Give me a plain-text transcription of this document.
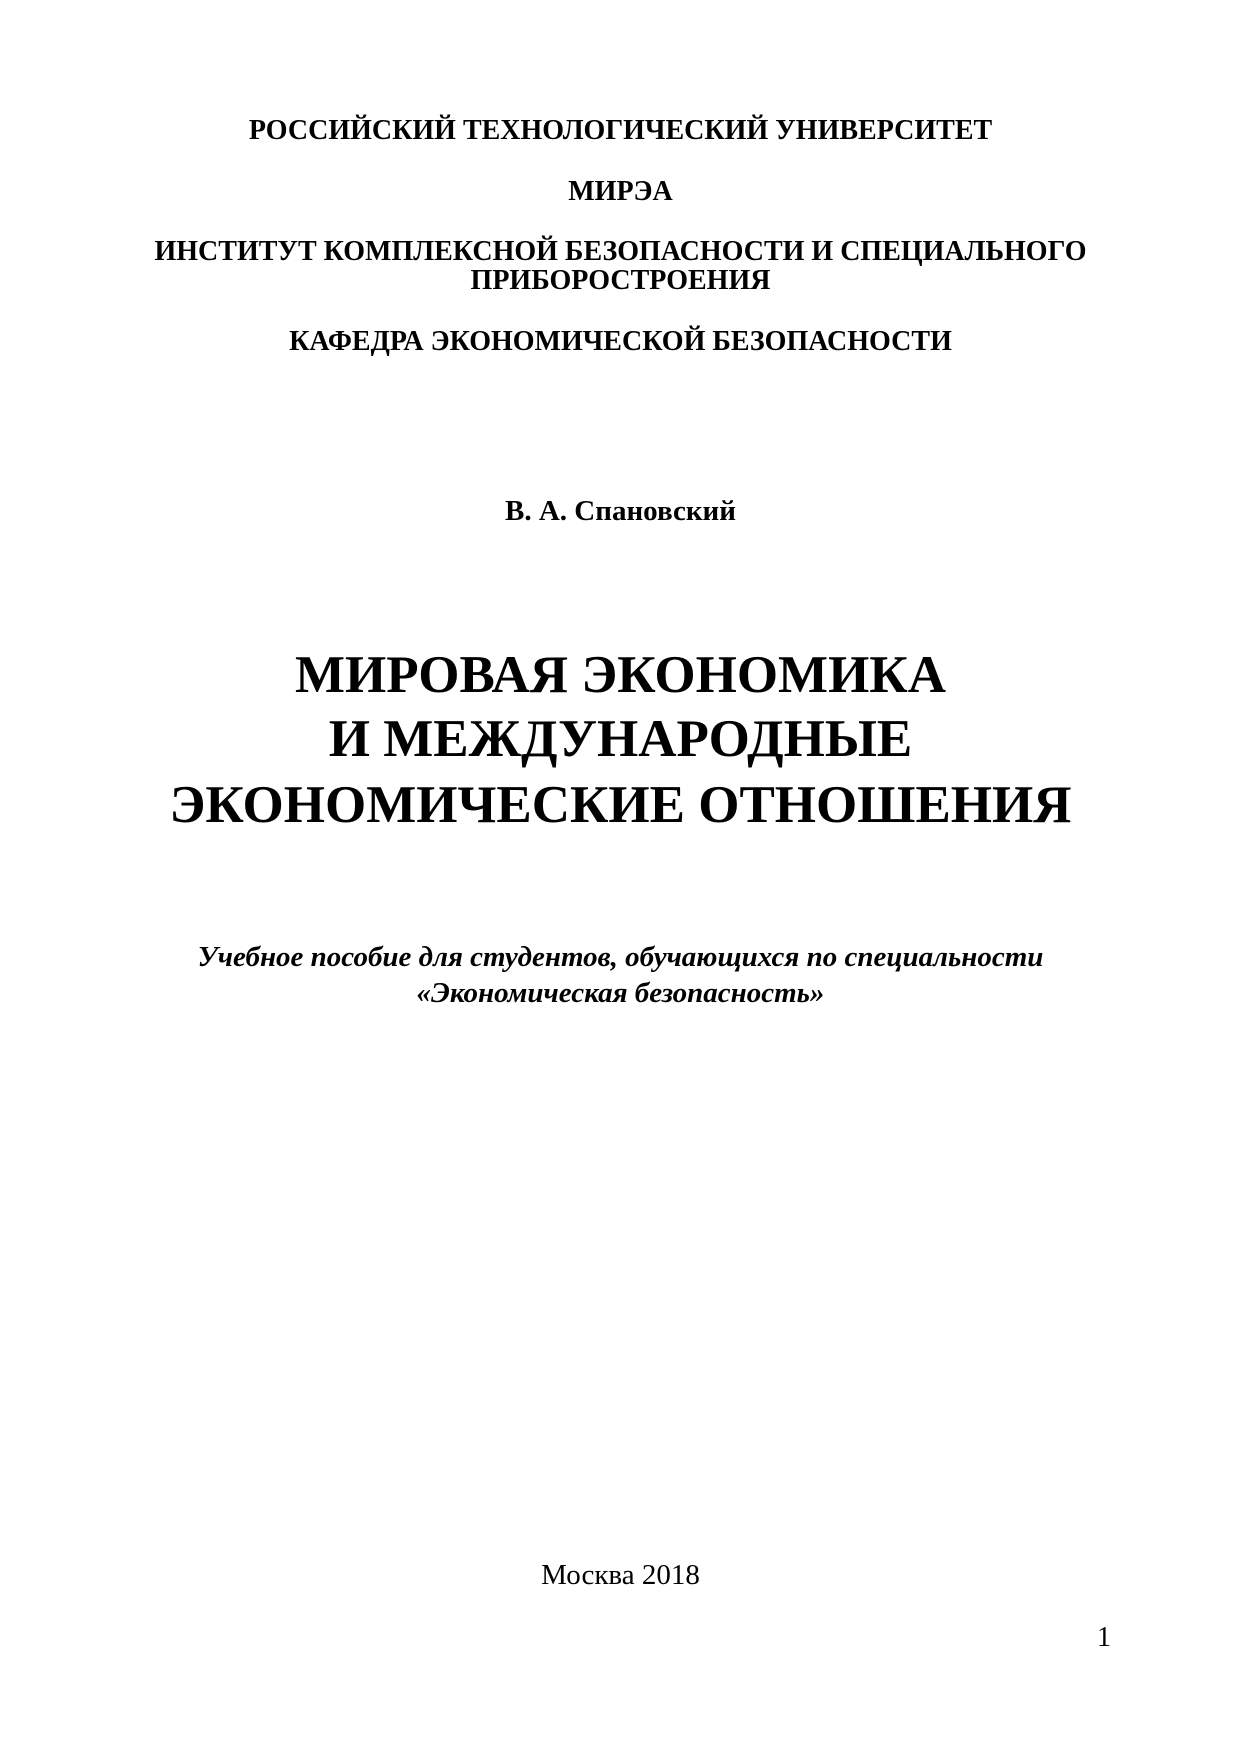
РОССИЙСКИЙ ТЕХНОЛОГИЧЕСКИЙ УНИВЕРСИТЕТ

МИРЭА

ИНСТИТУТ КОМПЛЕКСНОЙ БЕЗОПАСНОСТИ И СПЕЦИАЛЬНОГО

ПРИБОРОСТРОЕНИЯ

КАФЕДРА ЭКОНОМИЧЕСКОЙ БЕЗОПАСНОСТИ

В. А. Спановский

МИРОВАЯ ЭКОНОМИКА

И МЕЖДУНАРОДНЫЕ

ЭКОНОМИЧЕСКИЕ ОТНОШЕНИЯ

Учебное пособие для студентов, обучающихся по специальности

«Экономическая безопасность»

Москва 2018

1
